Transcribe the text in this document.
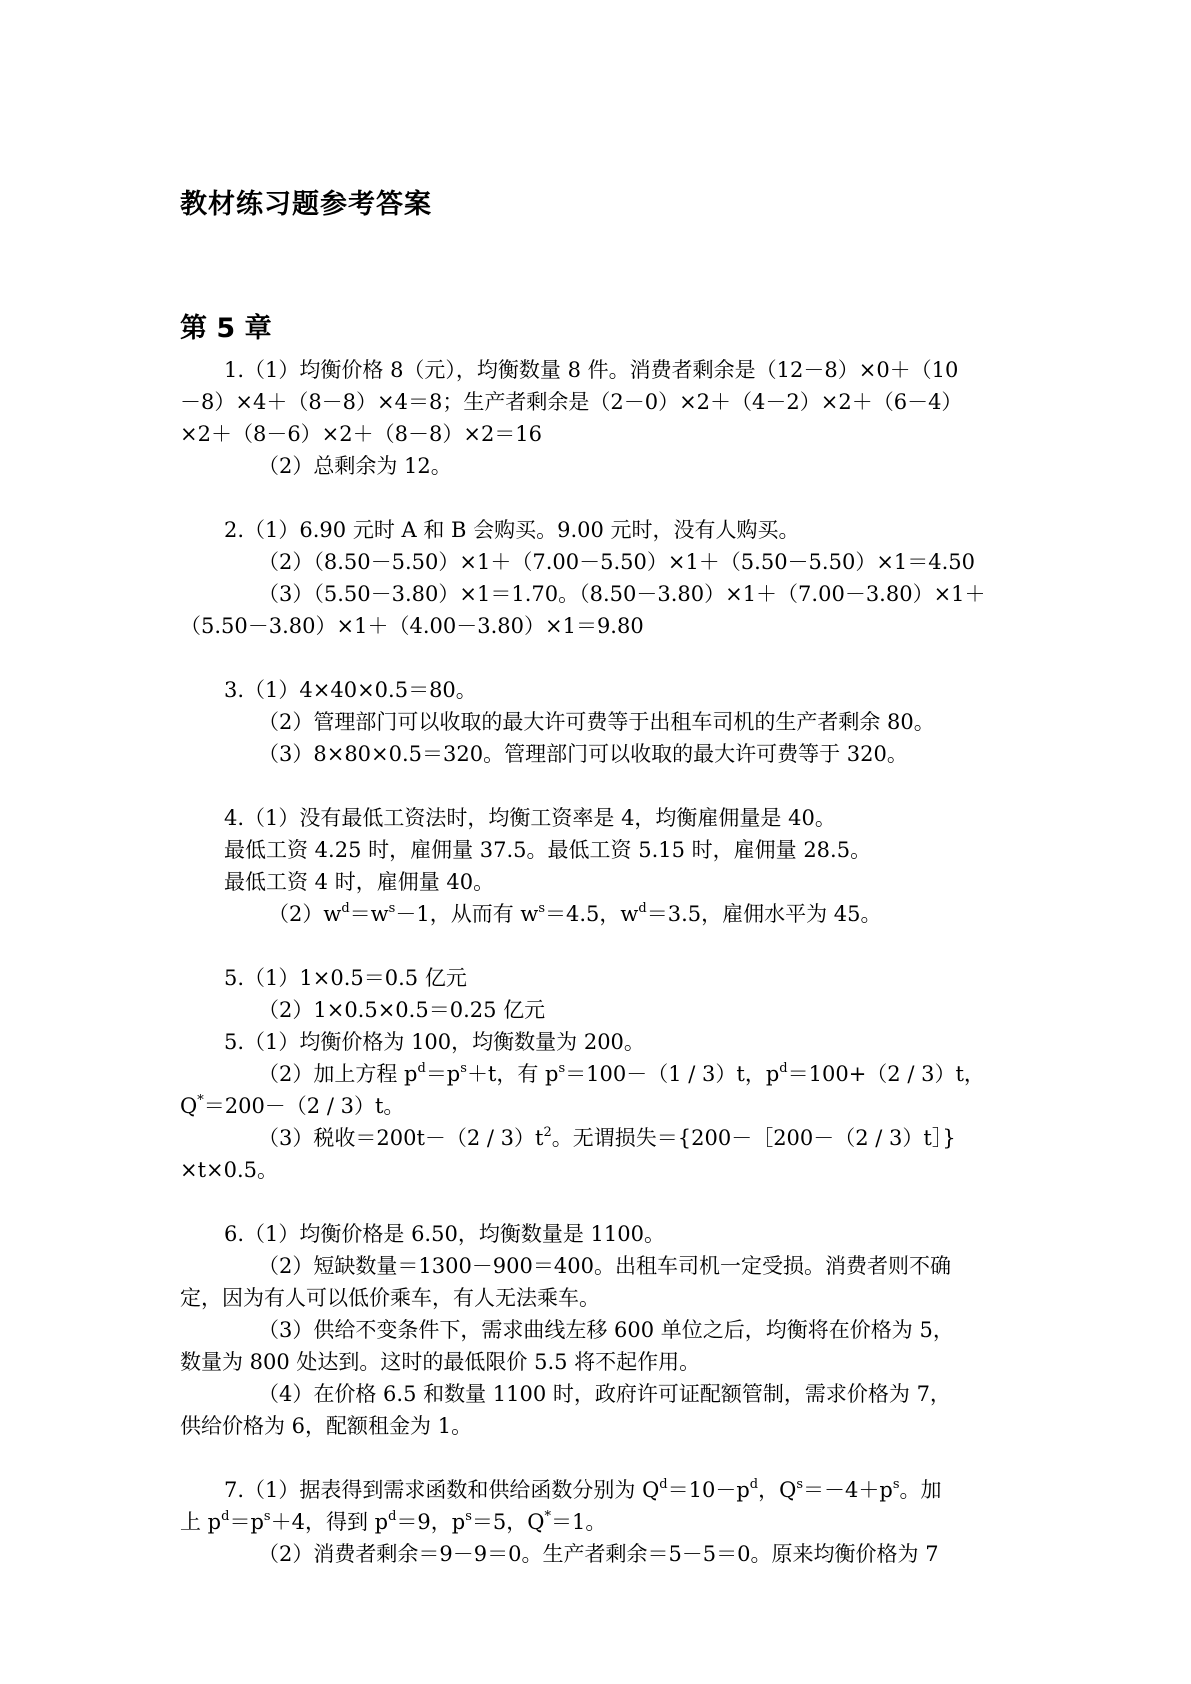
教材练习题参考答案
第 5 章
1.（1）均衡价格 8（元），均衡数量 8 件。消费者剩余是（12－8）×0＋（10
－8）×4＋（8－8）×4＝8；生产者剩余是（2－0）×2＋（4－2）×2＋（6－4）
×2＋（8－6）×2＋（8－8）×2＝16
（2）总剩余为 12。
2.（1）6.90 元时 A 和 B 会购买。9.00 元时，没有人购买。
（2）（8.50－5.50）×1＋（7.00－5.50）×1＋（5.50－5.50）×1＝4.50
（3）（5.50－3.80）×1＝1.70。（8.50－3.80）×1＋（7.00－3.80）×1＋
（5.50－3.80）×1＋（4.00－3.80）×1＝9.80
3.（1）4×40×0.5＝80。
（2）管理部门可以收取的最大许可费等于出租车司机的生产者剩余 80。
（3）8×80×0.5＝320。管理部门可以收取的最大许可费等于 320。
4.（1）没有最低工资法时，均衡工资率是 4，均衡雇佣量是 40。
最低工资 4.25 时，雇佣量 37.5。最低工资 5.15 时，雇佣量 28.5。
最低工资 4 时，雇佣量 40。
$(2)w^d=w^s-1$，从而有 $w^s=4.5$，$w^d=3.5$，雇佣水平为 45。
5.（1）1×0.5＝0.5 亿元
（2）1×0.5×0.5＝0.25 亿元
5.（1）均衡价格为 100，均衡数量为 200。
（2）加上方程 $p^d=p^s+t$，有 $p^s=100-(1 / 3)t$，$p^d=100+(2 / 3)t$，
Q*＝200－（2 / 3）t。
（3）税收$=200t-(2 / 3)t^2$。无谓损失＝{200－［200－（2 / 3）t］}
×t×0.5。
6.（1）均衡价格是 6.50，均衡数量是 1100。
（2）短缺数量＝1300－900＝400。出租车司机一定受损。消费者则不确
定，因为有人可以低价乘车，有人无法乘车。
（3）供给不变条件下，需求曲线左移 600 单位之后，均衡将在价格为 5，
数量为 800 处达到。这时的最低限价 5.5 将不起作用。
（4）在价格 6.5 和数量 1100 时，政府许可证配额管制，需求价格为 7，
供给价格为 6，配额租金为 1。
7.（1）据表得到需求函数和供给函数分别为 $Q^d=10-p^d$，$Q^s=-4+p^s$。加
上 $p^d=p^s+4$，得到 $p^d=9$，$p^s=5$，Q*＝1。
（2）消费者剩余＝9－9＝0。生产者剩余＝5－5＝0。原来均衡价格为 7
